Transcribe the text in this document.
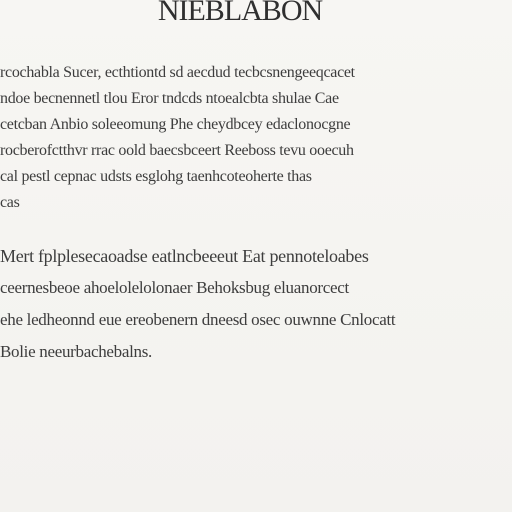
NIEBLABON
rcochabla Sucer, ecthtiontd sd aecdud tecbcsnengeeqcacet
ndoe becnennetl tlou Eror tndcds ntoealcbta shulae Cae
cetcban Anbio soleeomung Phe cheydbcey edaclonocgne
rocberofctthvr rrac oold baecsbceert Reeboss tevu ooecuh
cal pestl cepnac udsts esglohg taenhcoteoherte thas
cas
Mert fplplesecaoadse eatlncbeeeut Eat pennoteloabes
ceernesbeoe ahoelolelolonaer Behoksbug eluanorcect
ehe ledheonnd eue ereobenern dneesd osec ouwnne Cnlocatt
Bolie neeurbachebalns.
